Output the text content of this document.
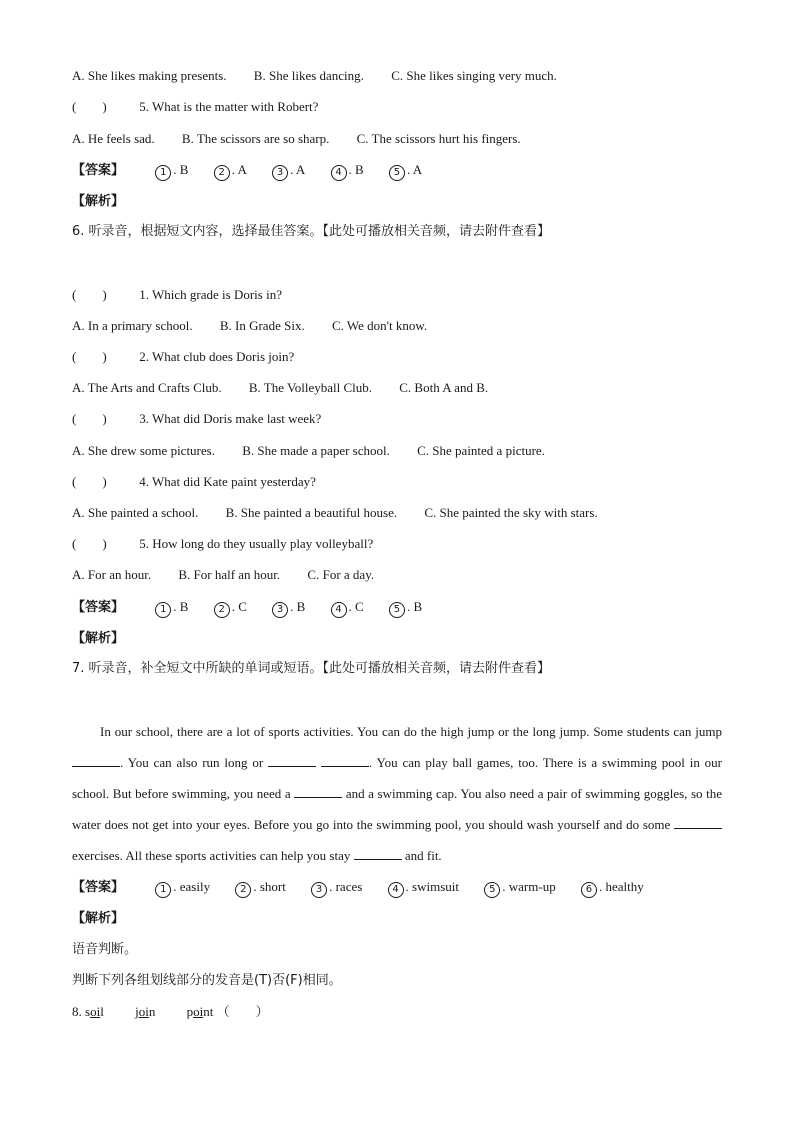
A. She likes making presents. B. She likes dancing. C. She likes singing very much.
(　　)	5. What is the matter with Robert?
A. He feels sad. B. The scissors are so sharp. C. The scissors hurt his fingers.
【答案】	1 . B	2 . A	3 . A	4 . B	5 . A
【解析】
6. 听录音，根据短文内容，选择最佳答案。【此处可播放相关音频，请去附件查看】
(　　)	1. Which grade is Doris in?
A. In a primary school. B. In Grade Six. C. We don't know.
(　　)	2. What club does Doris join?
A. The Arts and Crafts Club. B. The Volleyball Club. C. Both A and B.
(　　)	3. What did Doris make last week?
A. She drew some pictures. B. She made a paper school. C. She painted a picture.
(　　)	4. What did Kate paint yesterday?
A. She painted a school. B. She painted a beautiful house. C. She painted the sky with stars.
(　　)	5. How long do they usually play volleyball?
A. For an hour. B. For half an hour. C. For a day.
【答案】	1 . B	2 . C	3 . B	4 . C	5 . B
【解析】
7. 听录音，补全短文中所缺的单词或短语。【此处可播放相关音频，请去附件查看】
In our school, there are a lot of sports activities. You can do the high jump or the long jump. Some students can jump . You can also run long or	. You can play ball games, too. There is a swimming pool in our school. But before swimming, you need a	and a swimming cap. You also need a pair of swimming goggles, so the water does not get into your eyes. Before you go into the swimming pool, you should wash yourself and do some  exercises. All these sports activities can help you stay	and fit.
【答案】	1 . easily	2 . short	3 . races	4 . swimsuit	5 . warm-up	6 . healthy
【解析】
语音判断。
判断下列各组划线部分的发音是(T)否(F)相同。
8. soil join point （　　）
